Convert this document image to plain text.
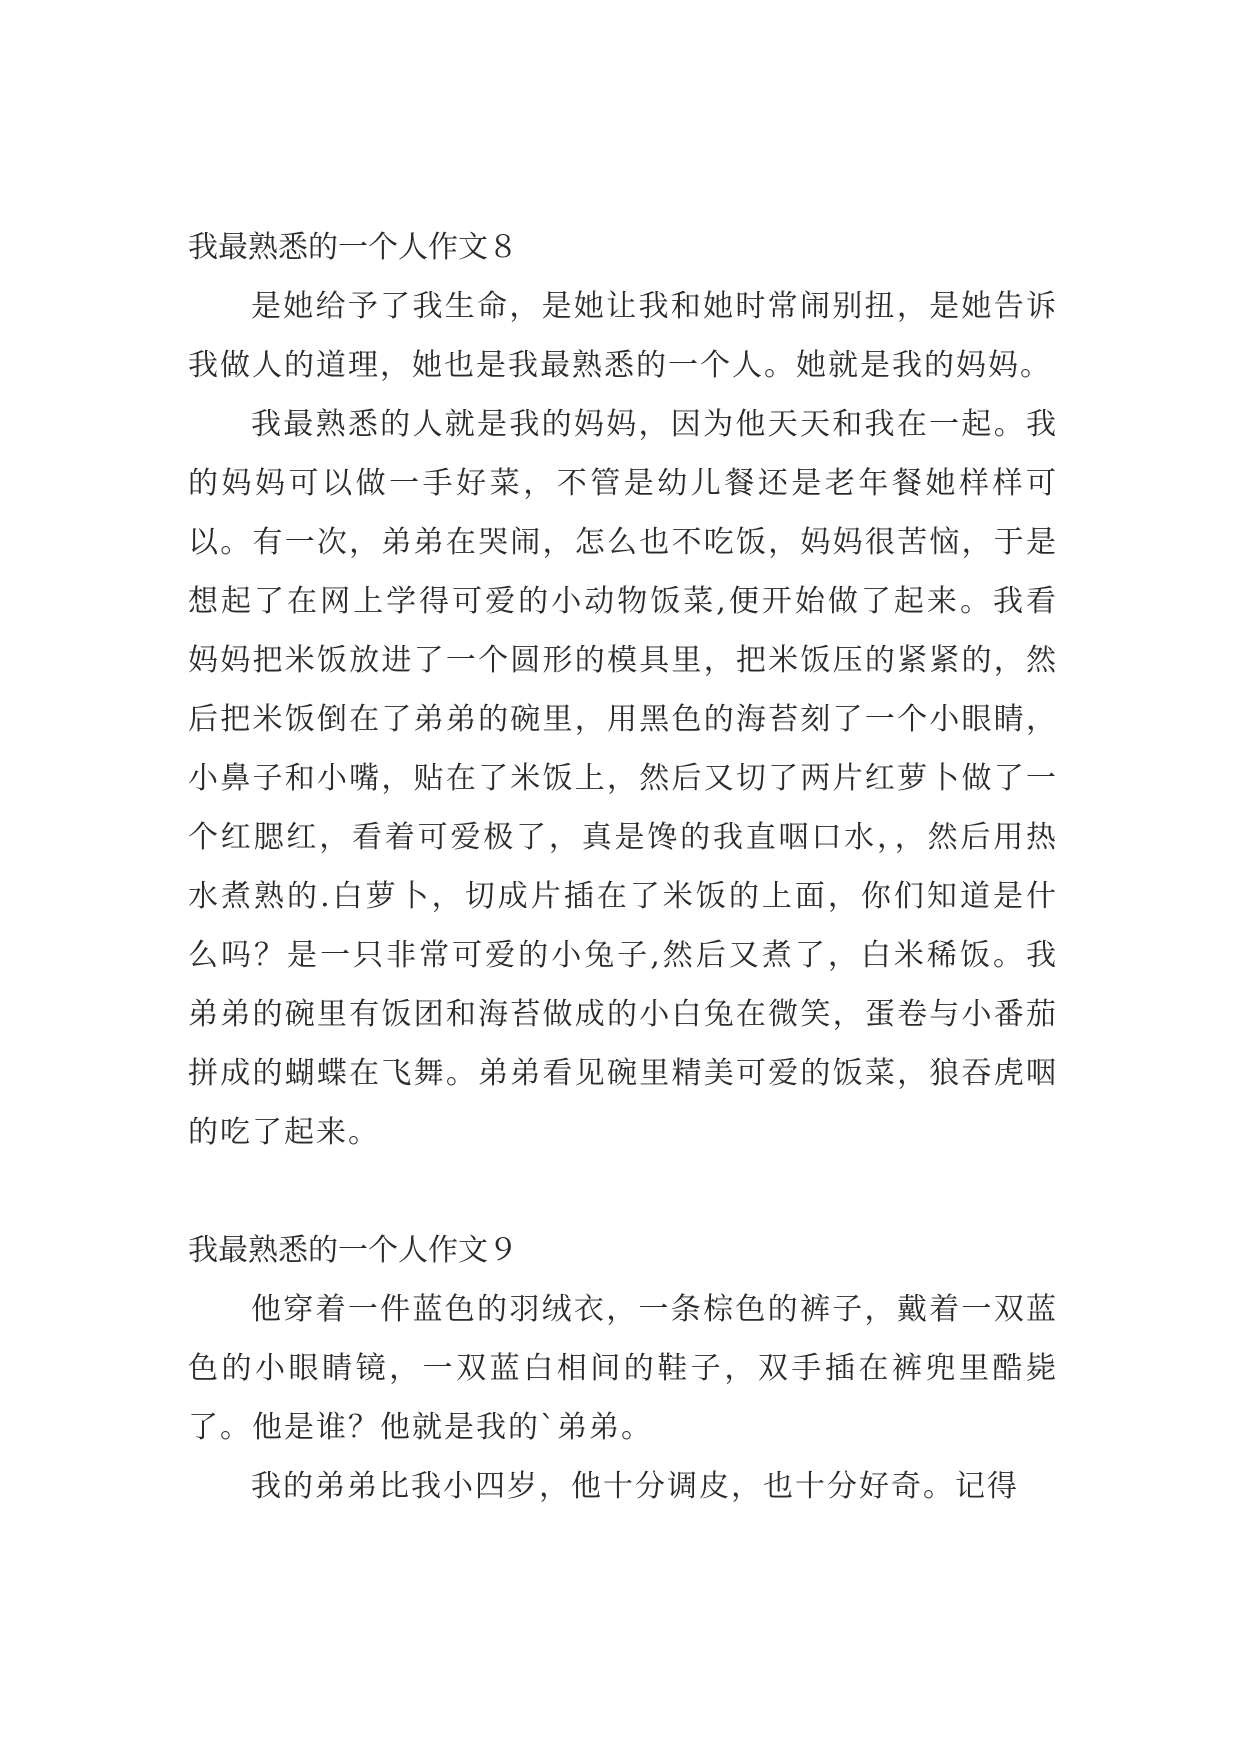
我最熟悉的一个人作文８

是她给予了我生命，是她让我和她时常闹别扭，是她告诉我做人的道理，她也是我最熟悉的一个人。她就是我的妈妈。

我最熟悉的人就是我的妈妈，因为他天天和我在一起。我的妈妈可以做一手好菜，不管是幼儿餐还是老年餐她样样可以。有一次，弟弟在哭闹，怎么也不吃饭，妈妈很苦恼，于是想起了在网上学得可爱的小动物饭菜,便开始做了起来。我看妈妈把米饭放进了一个圆形的模具里，把米饭压的紧紧的，然后把米饭倒在了弟弟的碗里，用黑色的海苔刻了一个小眼睛，小鼻子和小嘴，贴在了米饭上，然后又切了两片红萝卜做了一个红腮红，看着可爱极了，真是馋的我直咽口水，，然后用热水煮熟的.白萝卜，切成片插在了米饭的上面，你们知道是什么吗？是一只非常可爱的小兔子,然后又煮了，白米稀饭。我弟弟的碗里有饭团和海苔做成的小白兔在微笑，蛋卷与小番茄拼成的蝴蝶在飞舞。弟弟看见碗里精美可爱的饭菜，狼吞虎咽的吃了起来。

我最熟悉的一个人作文９

他穿着一件蓝色的羽绒衣，一条棕色的裤子，戴着一双蓝色的小眼睛镜，一双蓝白相间的鞋子，双手插在裤兜里酷毙了。他是谁？他就是我的`弟弟。

我的弟弟比我小四岁，他十分调皮，也十分好奇。记得
